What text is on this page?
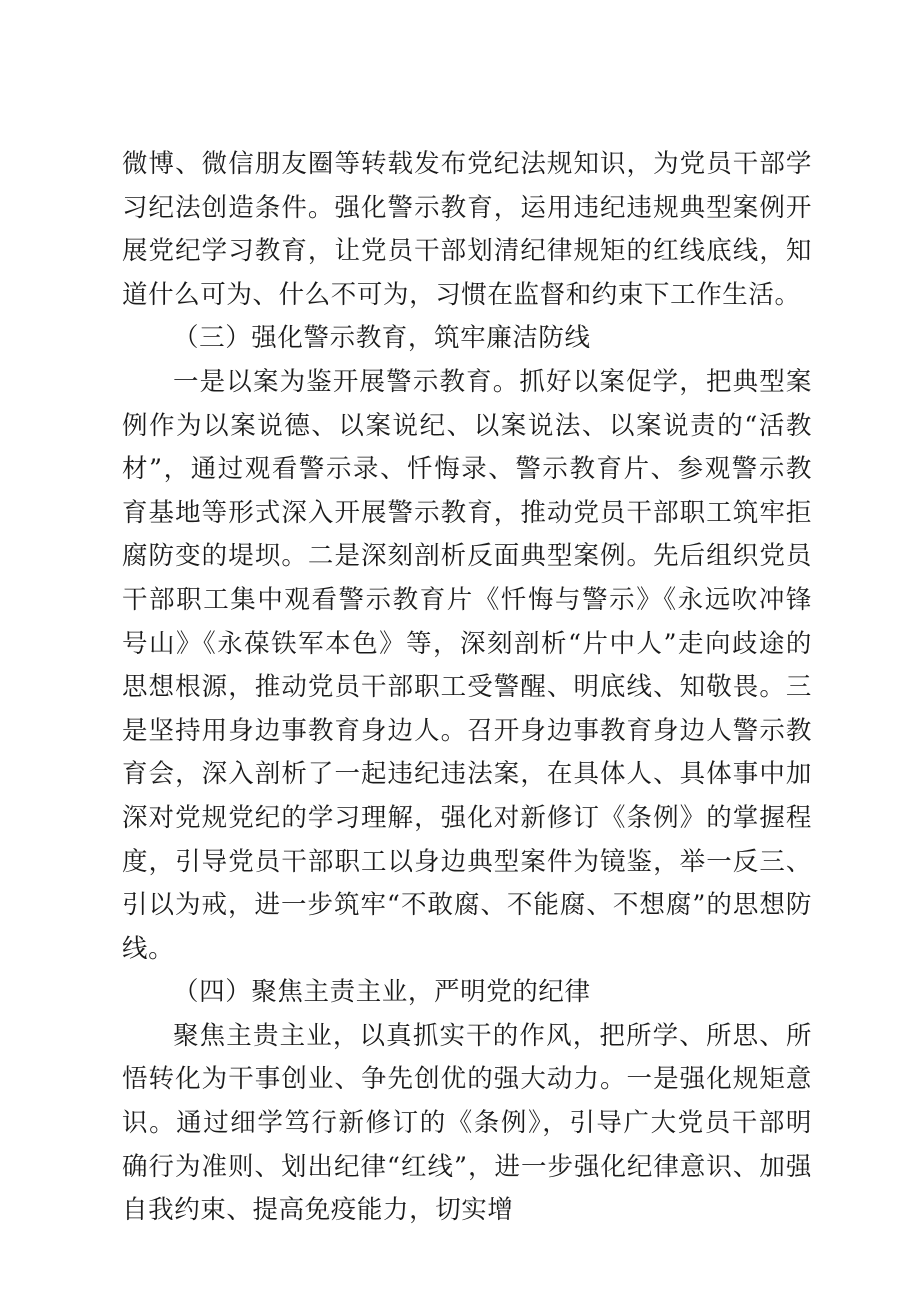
微博、微信朋友圈等转载发布党纪法规知识，为党员干部学习纪法创造条件。强化警示教育，运用违纪违规典型案例开展党纪学习教育，让党员干部划清纪律规矩的红线底线，知道什么可为、什么不可为，习惯在监督和约束下工作生活。

（三）强化警示教育，筑牢廉洁防线

一是以案为鉴开展警示教育。抓好以案促学，把典型案例作为以案说德、以案说纪、以案说法、以案说责的“活教材”，通过观看警示录、忏悔录、警示教育片、参观警示教育基地等形式深入开展警示教育，推动党员干部职工筑牢拒腐防变的堤坝。二是深刻剖析反面典型案例。先后组织党员干部职工集中观看警示教育片《忏悔与警示》《永远吹冲锋号山》《永葆铁军本色》等，深刻剖析“片中人”走向歧途的思想根源，推动党员干部职工受警醒、明底线、知敬畏。三是坚持用身边事教育身边人。召开身边事教育身边人警示教育会，深入剖析了一起违纪违法案，在具体人、具体事中加深对党规党纪的学习理解，强化对新修订《条例》的掌握程度，引导党员干部职工以身边典型案件为镜鉴，举一反三、引以为戒，进一步筑牢“不敢腐、不能腐、不想腐”的思想防线。

（四）聚焦主责主业，严明党的纪律

聚焦主贵主业，以真抓实干的作风，把所学、所思、所悟转化为干事创业、争先创优的强大动力。一是强化规矩意识。通过细学笃行新修订的《条例》，引导广大党员干部明确行为准则、划出纪律“红线”，进一步强化纪律意识、加强自我约束、提高免疫能力，切实增
